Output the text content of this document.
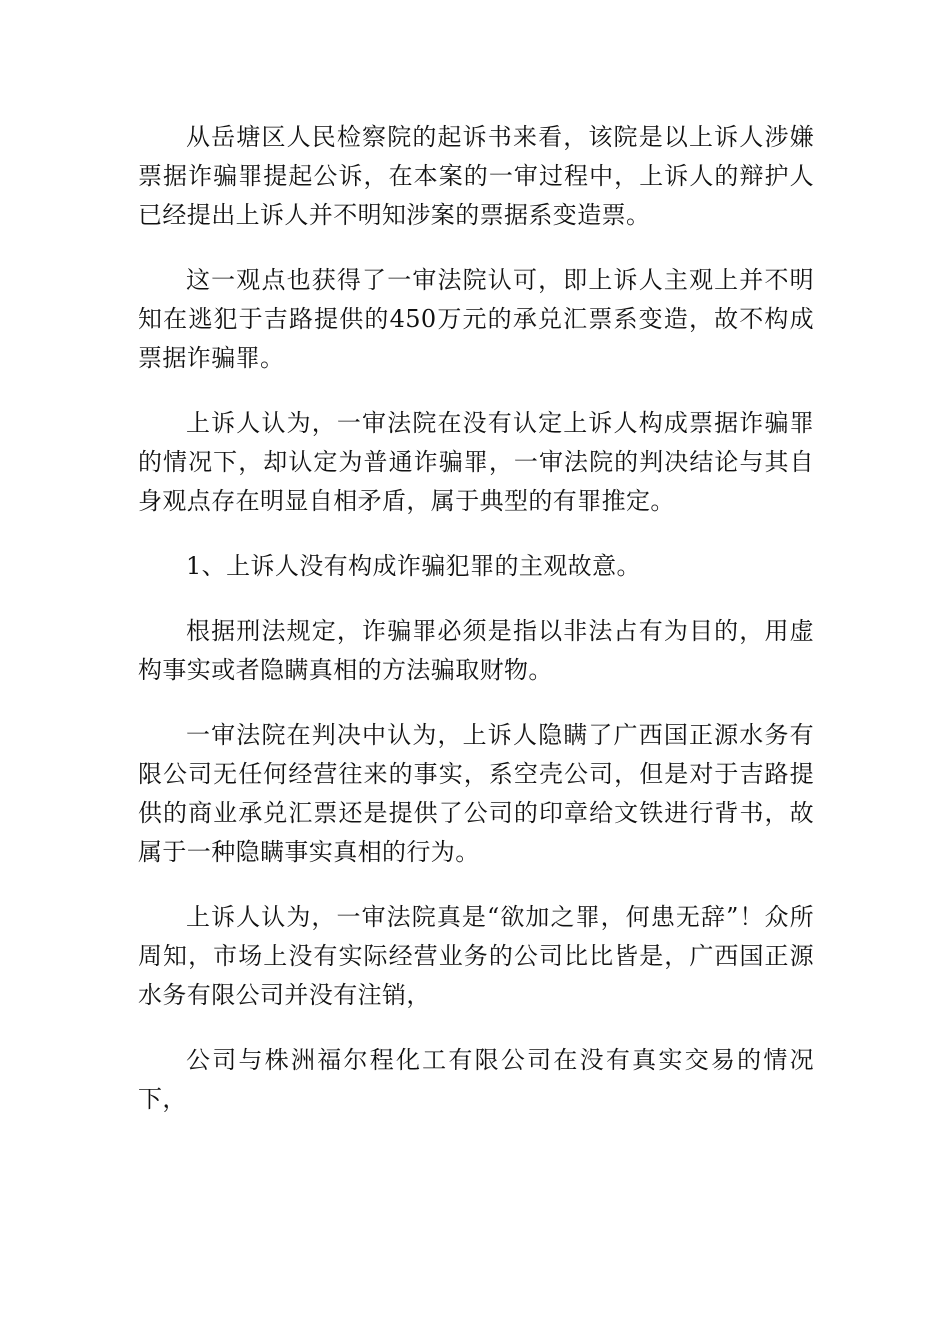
从岳塘区人民检察院的起诉书来看，该院是以上诉人涉嫌票据诈骗罪提起公诉，在本案的一审过程中，上诉人的辩护人已经提出上诉人并不明知涉案的票据系变造票。

这一观点也获得了一审法院认可，即上诉人主观上并不明知在逃犯于吉路提供的450万元的承兑汇票系变造，故不构成票据诈骗罪。

上诉人认为，一审法院在没有认定上诉人构成票据诈骗罪的情况下，却认定为普通诈骗罪，一审法院的判决结论与其自身观点存在明显自相矛盾，属于典型的有罪推定。

1、上诉人没有构成诈骗犯罪的主观故意。

根据刑法规定，诈骗罪必须是指以非法占有为目的，用虚构事实或者隐瞒真相的方法骗取财物。

一审法院在判决中认为，上诉人隐瞒了广西国正源水务有限公司无任何经营往来的事实，系空壳公司，但是对于吉路提供的商业承兑汇票还是提供了公司的印章给文铁进行背书，故属于一种隐瞒事实真相的行为。

上诉人认为，一审法院真是“欲加之罪，何患无辞”！众所周知，市场上没有实际经营业务的公司比比皆是，广西国正源水务有限公司并没有注销，

公司与株洲福尔程化工有限公司在没有真实交易的情况下，
